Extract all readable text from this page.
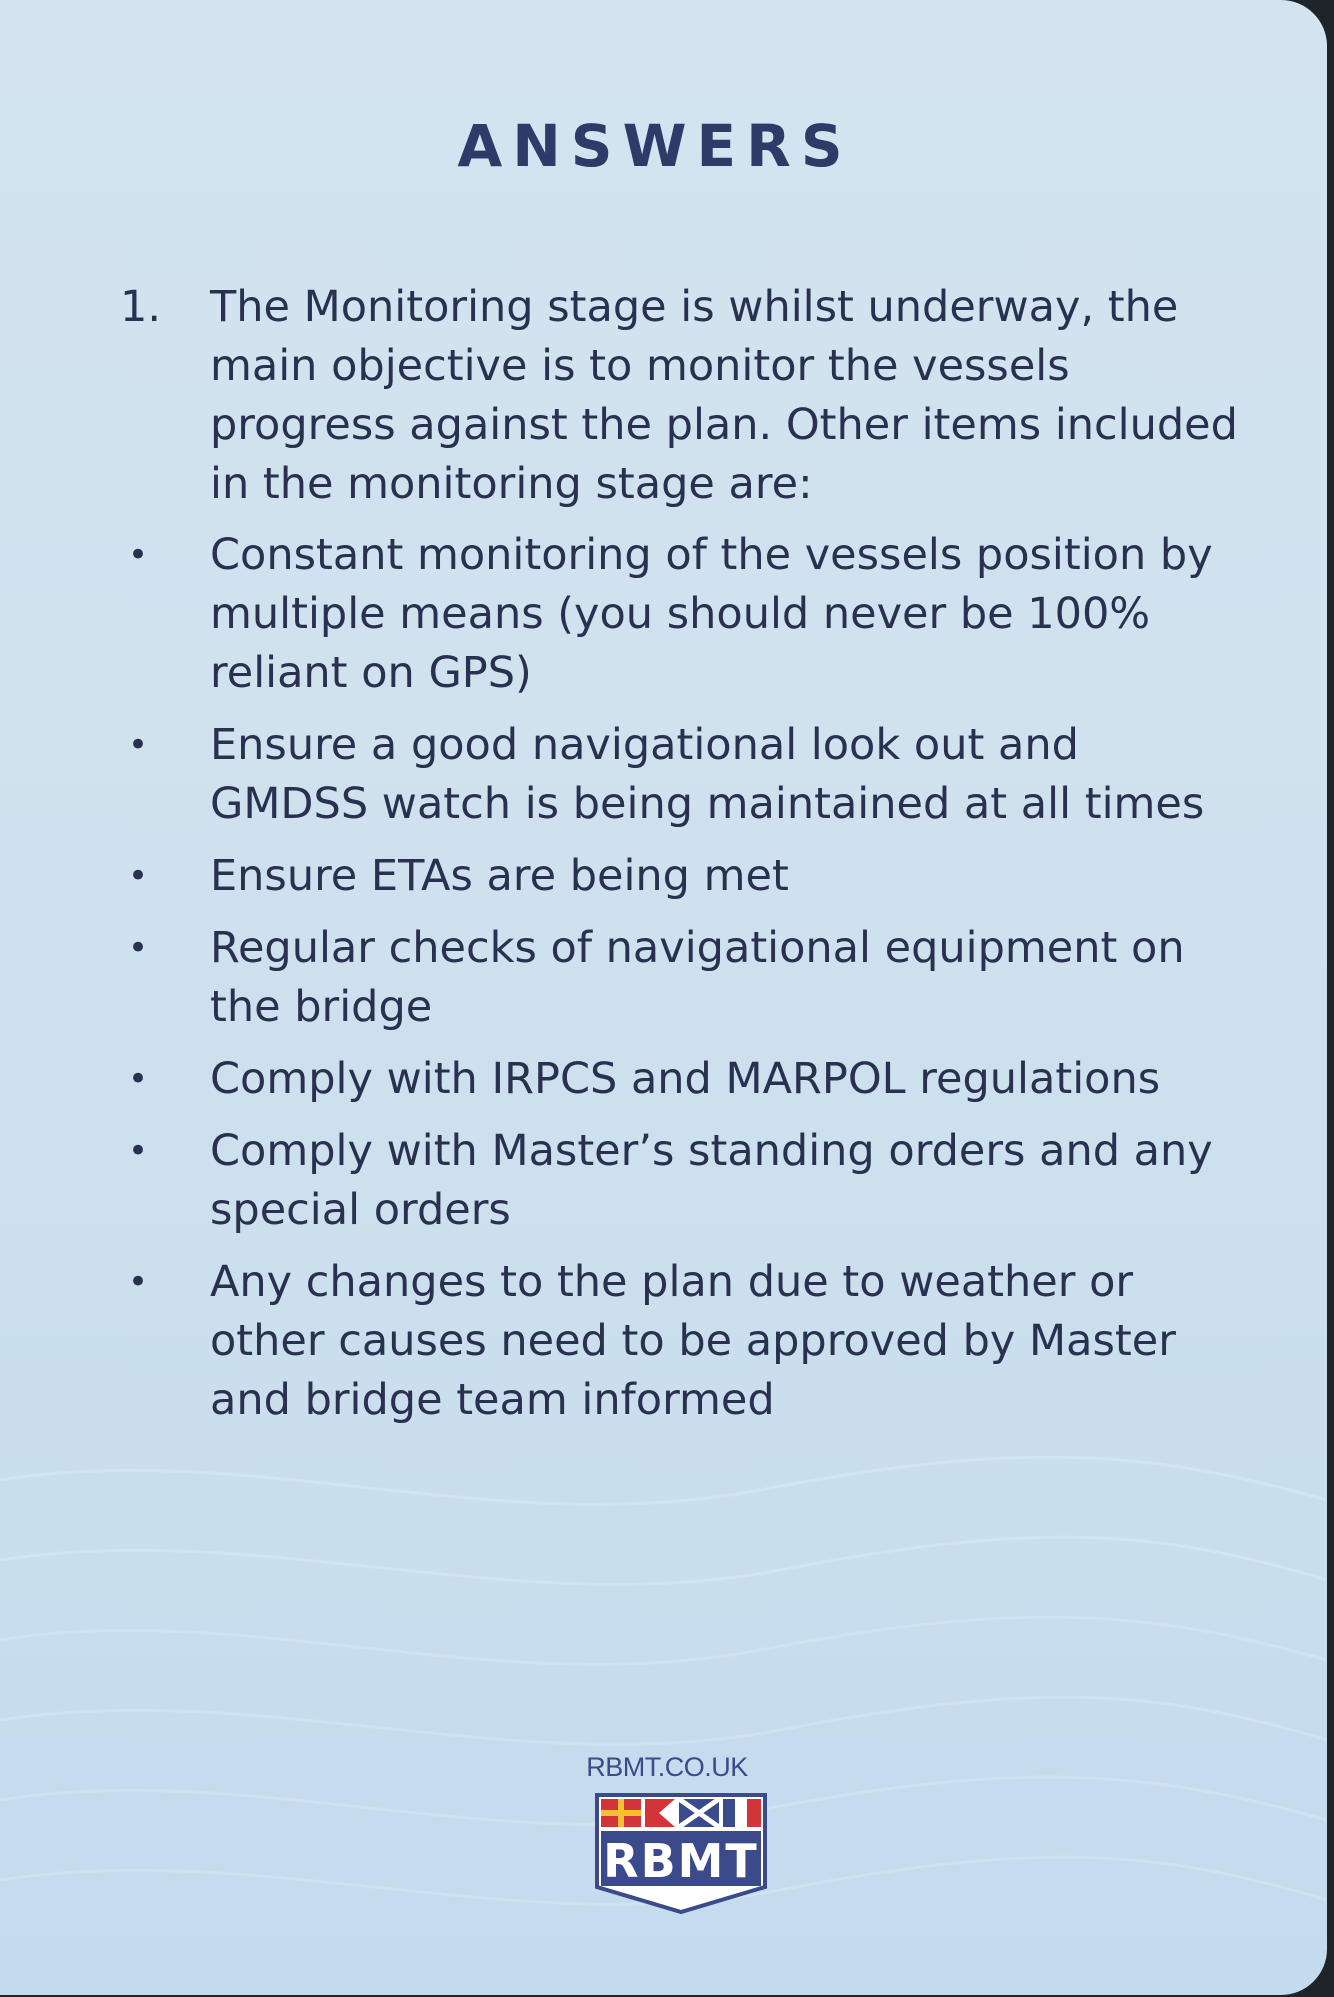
ANSWERS
1.	The Monitoring stage is whilst underway, the main objective is to monitor the vessels progress against the plan. Other items included in the monitoring stage are:
•	Constant monitoring of the vessels position by multiple means (you should never be 100% reliant on GPS)
•	Ensure a good navigational look out and GMDSS watch is being maintained at all times
•	Ensure ETAs are being met
•	Regular checks of navigational equipment on the bridge
•	Comply with IRPCS and MARPOL regulations
•	Comply with Master’s standing orders and any special orders
•	Any changes to the plan due to weather or other causes need to be approved by Master and bridge team informed
RBMT.CO.UK
RBMT
